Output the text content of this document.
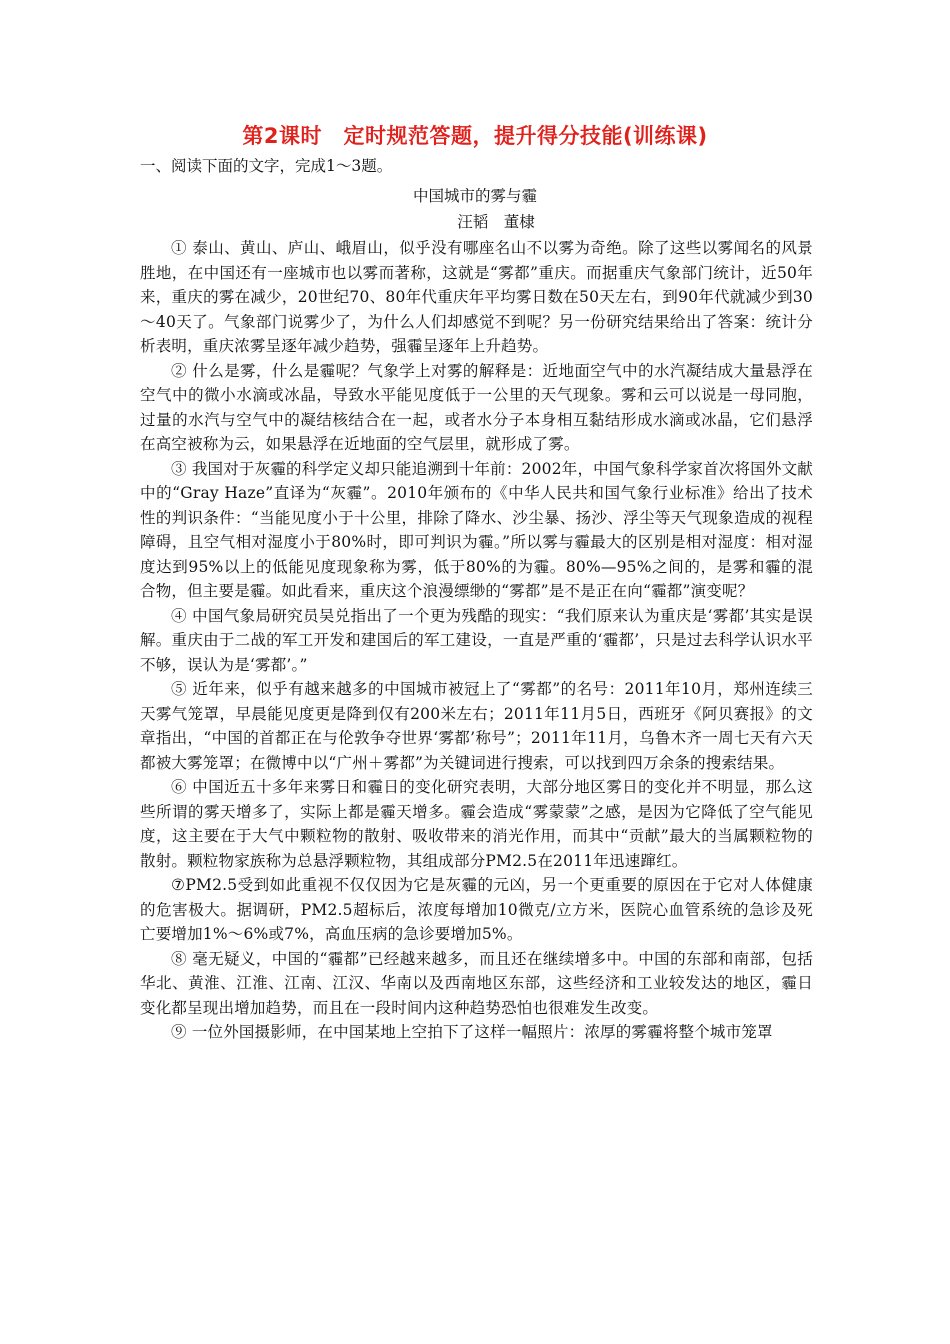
第2课时　定时规范答题，提升得分技能(训练课)
一、阅读下面的文字，完成1～3题。
中国城市的雾与霾
汪韬　董棣

① 泰山、黄山、庐山、峨眉山，似乎没有哪座名山不以雾为奇绝。除了这些以雾闻名的风景胜地，在中国还有一座城市也以雾而著称，这就是“雾都”重庆。而据重庆气象部门统计，近50年来，重庆的雾在减少，20世纪70、80年代重庆年平均雾日数在50天左右，到90年代就减少到30～40天了。气象部门说雾少了，为什么人们却感觉不到呢？另一份研究结果给出了答案：统计分析表明，重庆浓雾呈逐年减少趋势，强霾呈逐年上升趋势。

② 什么是雾，什么是霾呢？气象学上对雾的解释是：近地面空气中的水汽凝结成大量悬浮在空气中的微小水滴或冰晶，导致水平能见度低于一公里的天气现象。雾和云可以说是一母同胞，过量的水汽与空气中的凝结核结合在一起，或者水分子本身相互黏结形成水滴或冰晶，它们悬浮在高空被称为云，如果悬浮在近地面的空气层里，就形成了雾。

③ 我国对于灰霾的科学定义却只能追溯到十年前：2002年，中国气象科学家首次将国外文献中的“Gray Haze”直译为“灰霾”。2010年颁布的《中华人民共和国气象行业标准》给出了技术性的判识条件：“当能见度小于十公里，排除了降水、沙尘暴、扬沙、浮尘等天气现象造成的视程障碍，且空气相对湿度小于80%时，即可判识为霾。”所以雾与霾最大的区别是相对湿度：相对湿度达到95%以上的低能见度现象称为雾，低于80%的为霾。80%—95%之间的，是雾和霾的混合物，但主要是霾。如此看来，重庆这个浪漫缥缈的“雾都”是不是正在向“霾都”演变呢？

④ 中国气象局研究员吴兑指出了一个更为残酷的现实：“我们原来认为重庆是‘雾都’其实是误解。重庆由于二战的军工开发和建国后的军工建设，一直是严重的‘霾都’，只是过去科学认识水平不够，误认为是‘雾都’。”

⑤ 近年来，似乎有越来越多的中国城市被冠上了“雾都”的名号：2011年10月，郑州连续三天雾气笼罩，早晨能见度更是降到仅有200米左右；2011年11月5日，西班牙《阿贝赛报》的文章指出，“中国的首都正在与伦敦争夺世界‘雾都’称号”；2011年11月，乌鲁木齐一周七天有六天都被大雾笼罩；在微博中以“广州＋雾都”为关键词进行搜索，可以找到四万余条的搜索结果。

⑥ 中国近五十多年来雾日和霾日的变化研究表明，大部分地区雾日的变化并不明显，那么这些所谓的雾天增多了，实际上都是霾天增多。霾会造成“雾蒙蒙”之感，是因为它降低了空气能见度，这主要在于大气中颗粒物的散射、吸收带来的消光作用，而其中“贡献”最大的当属颗粒物的散射。颗粒物家族称为总悬浮颗粒物，其组成部分PM2.5在2011年迅速蹿红。

⑦PM2.5受到如此重视不仅仅因为它是灰霾的元凶，另一个更重要的原因在于它对人体健康的危害极大。据调研，PM2.5超标后，浓度每增加10微克/立方米，医院心血管系统的急诊及死亡要增加1%～6%或7%，高血压病的急诊要增加5%。

⑧ 毫无疑义，中国的“霾都”已经越来越多，而且还在继续增多中。中国的东部和南部，包括华北、黄淮、江淮、江南、江汉、华南以及西南地区东部，这些经济和工业较发达的地区，霾日变化都呈现出增加趋势，而且在一段时间内这种趋势恐怕也很难发生改变。

⑨ 一位外国摄影师，在中国某地上空拍下了这样一幅照片：浓厚的雾霾将整个城市笼罩
